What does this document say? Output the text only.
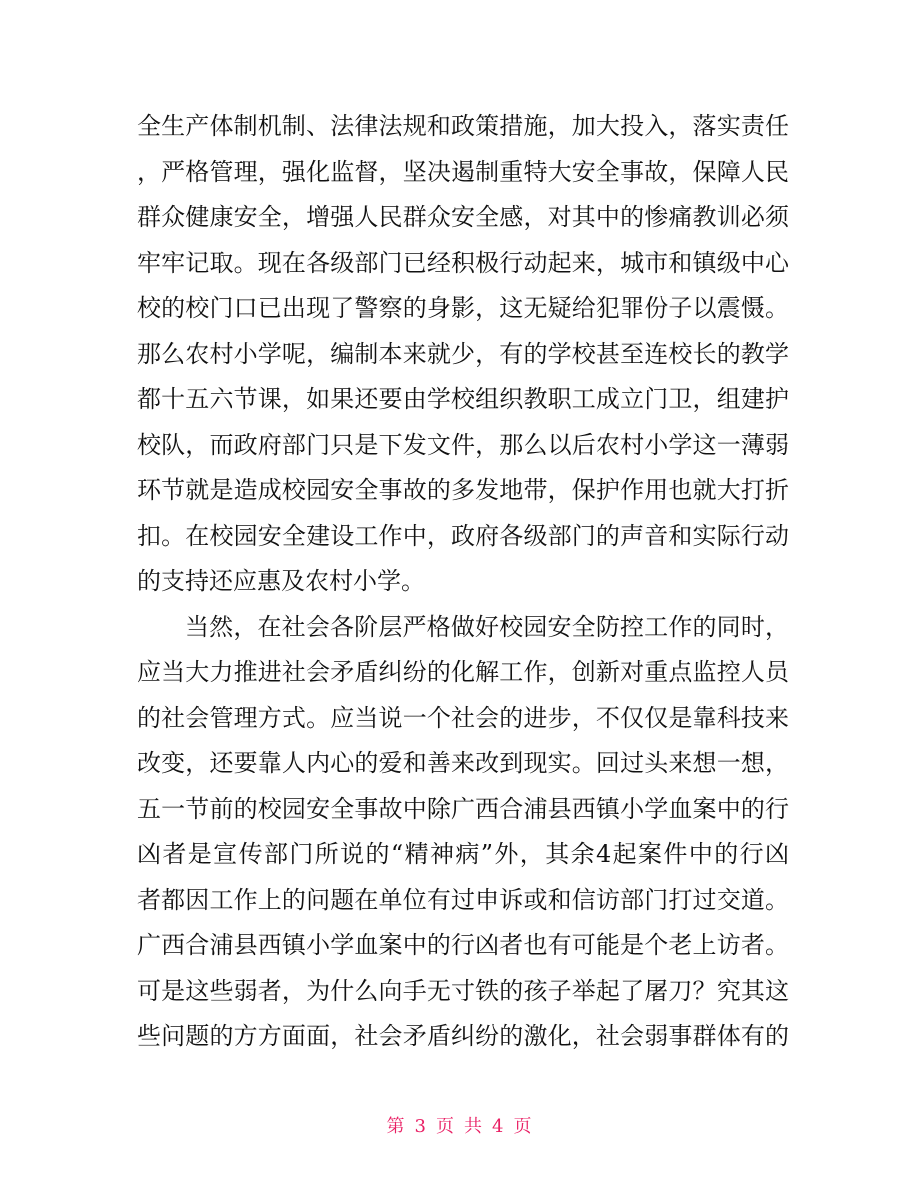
全生产体制机制、法律法规和政策措施，加大投入，落实责任
，严格管理，强化监督，坚决遏制重特大安全事故，保障人民
群众健康安全，增强人民群众安全感，对其中的惨痛教训必须
牢牢记取。现在各级部门已经积极行动起来，城市和镇级中心
校的校门口已出现了警察的身影，这无疑给犯罪份子以震慑。
那么农村小学呢，编制本来就少，有的学校甚至连校长的教学
都十五六节课，如果还要由学校组织教职工成立门卫，组建护
校队，而政府部门只是下发文件，那么以后农村小学这一薄弱
环节就是造成校园安全事故的多发地带，保护作用也就大打折
扣。在校园安全建设工作中，政府各级部门的声音和实际行动
的支持还应惠及农村小学。
当然，在社会各阶层严格做好校园安全防控工作的同时，
应当大力推进社会矛盾纠纷的化解工作，创新对重点监控人员
的社会管理方式。应当说一个社会的进步，不仅仅是靠科技来
改变，还要靠人内心的爱和善来改到现实。回过头来想一想，
五一节前的校园安全事故中除广西合浦县西镇小学血案中的行
凶者是宣传部门所说的“精神病”外，其余4起案件中的行凶
者都因工作上的问题在单位有过申诉或和信访部门打过交道。
广西合浦县西镇小学血案中的行凶者也有可能是个老上访者。
可是这些弱者，为什么向手无寸铁的孩子举起了屠刀？究其这
些问题的方方面面，社会矛盾纠纷的激化，社会弱事群体有的
第 3 页 共 4 页
